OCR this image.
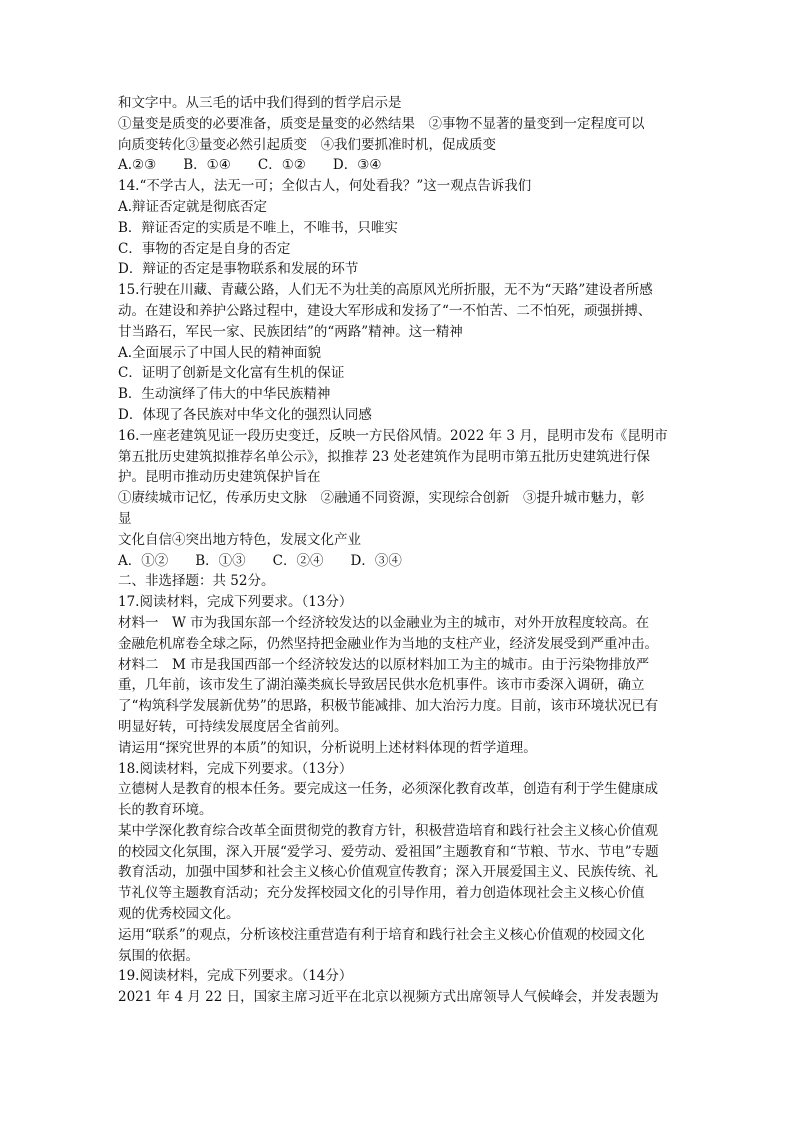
和文字中。从三毛的话中我们得到的哲学启示是
①量变是质变的必要准备，质变是量变的必然结果　②事物不显著的量变到一定程度可以
向质变转化③量变必然引起质变　④我们要抓准时机，促成质变
A.②③　　B．①④　　C．①②　　D．③④
14.“不学古人，法无一可；全似古人，何处看我？”这一观点告诉我们
A.辩证否定就是彻底否定
B．辩证否定的实质是不唯上，不唯书，只唯实
C．事物的否定是自身的否定
D．辩证的否定是事物联系和发展的环节
15.行驶在川藏、青藏公路，人们无不为壮美的高原风光所折服，无不为“天路”建设者所感
动。在建设和养护公路过程中，建设大军形成和发扬了“一不怕苦、二不怕死，顽强拼搏、
甘当路石，军民一家、民族团结”的“两路”精神。这一精神
A.全面展示了中国人民的精神面貌
C．证明了创新是文化富有生机的保证
B．生动演绎了伟大的中华民族精神
D．体现了各民族对中华文化的强烈认同感
16.一座老建筑见证一段历史变迁，反映一方民俗风情。2022 年 3 月，昆明市发布《昆明市
第五批历史建筑拟推荐名单公示》，拟推荐 23 处老建筑作为昆明市第五批历史建筑进行保
护。昆明市推动历史建筑保护旨在
①赓续城市记忆，传承历史文脉　②融通不同资源，实现综合创新　③提升城市魅力，彰
显
文化自信④突出地方特色，发展文化产业
A．①②　　B．①③　　C．②④　　D．③④
二、非选择题：共 52分。
17.阅读材料，完成下列要求。（13分）
材料一　W 市为我国东部一个经济较发达的以金融业为主的城市，对外开放程度较高。在
金融危机席卷全球之际，仍然坚持把金融业作为当地的支柱产业，经济发展受到严重冲击。
材料二　M 市是我国西部一个经济较发达的以原材料加工为主的城市。由于污染物排放严
重，几年前，该市发生了湖泊藻类疯长导致居民供水危机事件。该市市委深入调研，确立
了“构筑科学发展新优势”的思路，积极节能减排、加大治污力度。目前，该市环境状况已有
明显好转，可持续发展度居全省前列。
请运用“探究世界的本质”的知识，分析说明上述材料体现的哲学道理。
18.阅读材料，完成下列要求。（13分）
立德树人是教育的根本任务。要完成这一任务，必须深化教育改革，创造有利于学生健康成
长的教育环境。
某中学深化教育综合改革全面贯彻党的教育方针，积极营造培育和践行社会主义核心价值观
的校园文化氛围，深入开展“爱学习、爱劳动、爱祖国”主题教育和“节粮、节水、节电”专题
教育活动，加强中国梦和社会主义核心价值观宣传教育；深入开展爱国主义、民族传统、礼
节礼仪等主题教育活动；充分发挥校园文化的引导作用，着力创造体现社会主义核心价值
观的优秀校园文化。
运用“联系”的观点，分析该校注重营造有利于培育和践行社会主义核心价值观的校园文化
氛围的依据。
19.阅读材料，完成下列要求。（14分）
2021 年 4 月 22 日，国家主席习近平在北京以视频方式出席领导人气候峰会，并发表题为
